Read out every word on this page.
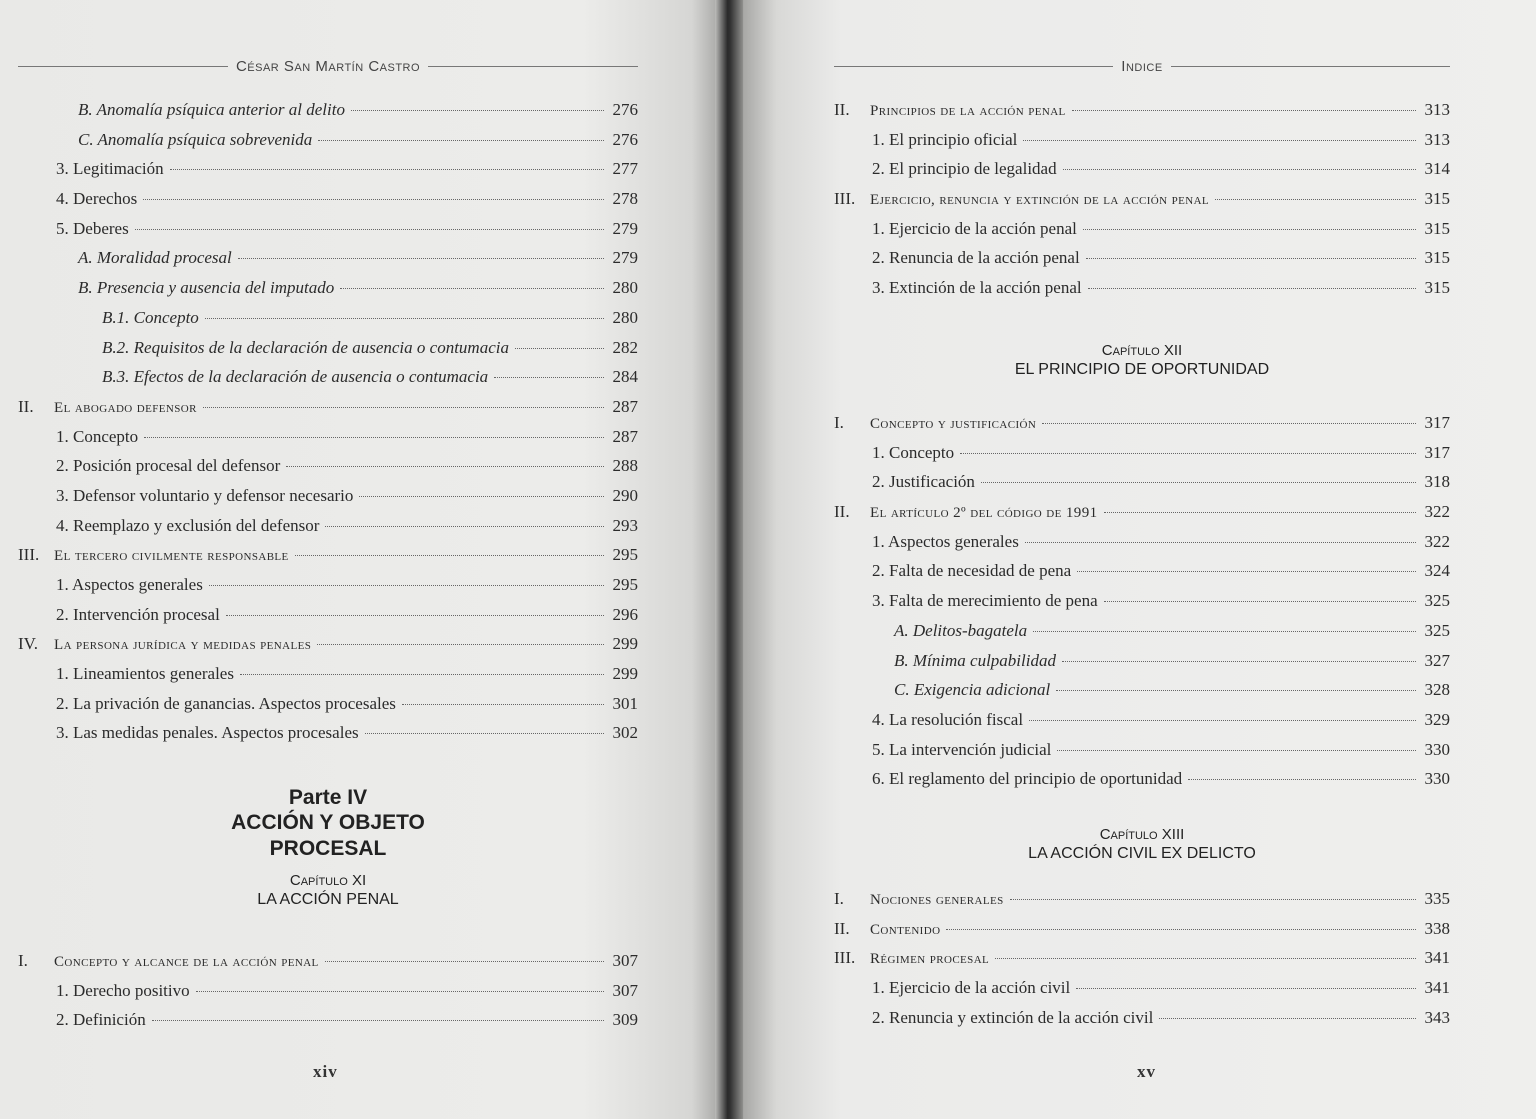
César San Martín Castro
B. Anomalía psíquica anterior al delito	276
C. Anomalía psíquica sobrevenida	276
3. Legitimación	277
4. Derechos	278
5. Deberes	279
A. Moralidad procesal	279
B. Presencia y ausencia del imputado	280
B.1. Concepto	280
B.2. Requisitos de la declaración de ausencia o contumacia	282
B.3. Efectos de la declaración de ausencia o contumacia	284
II.	El abogado defensor	287
1. Concepto	287
2. Posición procesal del defensor	288
3. Defensor voluntario y defensor necesario	290
4. Reemplazo y exclusión del defensor	293
III. El tercero civilmente responsable	295
1. Aspectos generales	295
2. Intervención procesal	296
IV.	La persona jurídica y medidas penales	299
1. Lineamientos generales	299
2. La privación de ganancias. Aspectos procesales	301
3. Las medidas penales. Aspectos procesales	302
Parte IV
ACCIÓN Y OBJETO
PROCESAL
Capítulo XI
LA ACCIÓN PENAL
I.	Concepto y alcance de la acción penal	307
1. Derecho positivo	307
2. Definición	309
xiv
Indice
II.	Principios de la acción penal	313
1. El principio oficial	313
2. El principio de legalidad	314
III. Ejercicio, renuncia y extinción de la acción penal	315
1. Ejercicio de la acción penal	315
2. Renuncia de la acción penal	315
3. Extinción de la acción penal	315
Capítulo XII
EL PRINCIPIO DE OPORTUNIDAD
I.	Concepto y justificación	317
1. Concepto	317
2. Justificación	318
II.	El artículo 2º del código de 1991	322
1. Aspectos generales	322
2. Falta de necesidad de pena	324
3. Falta de merecimiento de pena	325
A. Delitos-bagatela	325
B. Mínima culpabilidad	327
C. Exigencia adicional	328
4. La resolución fiscal	329
5. La intervención judicial	330
6. El reglamento del principio de oportunidad	330
Capítulo XIII
LA ACCIÓN CIVIL EX DELICTO
I.	Nociones generales	335
II.	Contenido	338
III. Régimen procesal	341
1. Ejercicio de la acción civil	341
2. Renuncia y extinción de la acción civil	343
xv
